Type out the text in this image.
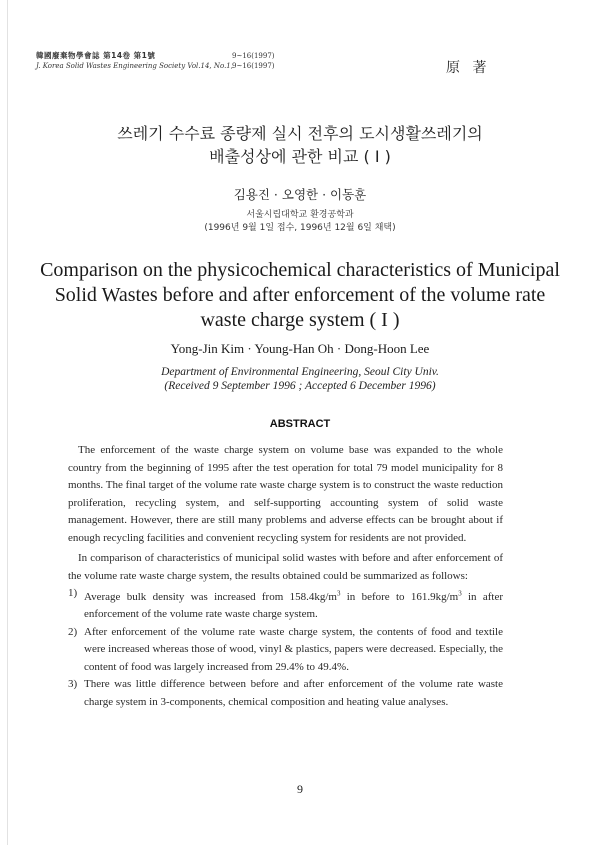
韓國廢棄物學會誌 第14卷 第1號	9~16(1997)
J. Korea Solid Wastes Engineering Society Vol.14, No.1, 9~16(1997)	原 著
쓰레기 수수료 종량제 실시 전후의 도시생활쓰레기의
배출성상에 관한 비교 ( I )
김용진 · 오영한 · 이동훈
서울시립대학교 환경공학과
(1996년 9월 1일 접수, 1996년 12월 6일 채택)
Comparison on the physicochemical characteristics of Municipal
Solid Wastes before and after enforcement of the volume rate
waste charge system ( I )
Yong-Jin Kim · Young-Han Oh · Dong-Hoon Lee
Department of Environmental Engineering, Seoul City Univ.
(Received 9 September 1996 ; Accepted 6 December 1996)
ABSTRACT

The enforcement of the waste charge system on volume base was expanded to the whole country from the beginning of 1995 after the test operation for total 79 model municipality for 8 months. The final target of the volume rate waste charge system is to construct the waste reduction proliferation, recycling system, and self-supporting accounting system of solid waste management. However, there are still many problems and adverse effects can be brought about if enough recycling facilities and convenient recycling system for residents are not provided.

In comparison of characteristics of municipal solid wastes with before and after enforcement of the volume rate waste charge system, the results obtained could be summarized as follows:

1) Average bulk density was increased from $158.4kg/m^3$ in before to $161.9kg/m^3$ in after enforcement of the volume rate waste charge system.
2) After enforcement of the volume rate waste charge system, the contents of food and textile were increased whereas those of wood, vinyl & plastics, papers were decreased. Especially, the content of food was largely increased from 29.4% to 49.4%.
3) There was little difference between before and after enforcement of the volume rate waste charge system in 3-components, chemical composition and heating value analyses.
9
